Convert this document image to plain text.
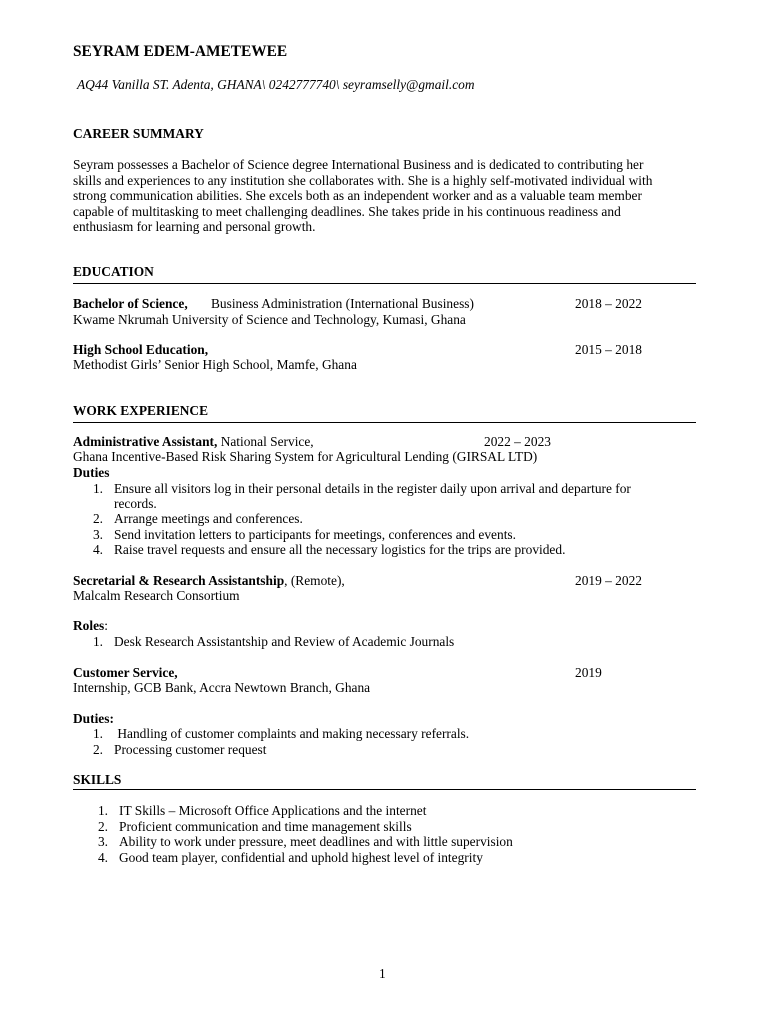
SEYRAM EDEM-AMETEWEE
AQ44 Vanilla ST. Adenta, GHANA\ 0242777740\ seyramselly@gmail.com
CAREER SUMMARY
Seyram possesses a Bachelor of Science degree International Business and is dedicated to contributing her
skills and experiences to any institution she collaborates with. She is a highly self-motivated individual with
strong communication abilities. She excels both as an independent worker and as a valuable team member
capable of multitasking to meet challenging deadlines. She takes pride in his continuous readiness and
enthusiasm for learning and personal growth.
EDUCATION
Bachelor of Science, Business Administration (International Business)	2018 – 2022
Kwame Nkrumah University of Science and Technology, Kumasi, Ghana
High School Education,	2015 – 2018
Methodist Girls’ Senior High School, Mamfe, Ghana
WORK EXPERIENCE
Administrative Assistant, National Service,	2022 – 2023
Ghana Incentive-Based Risk Sharing System for Agricultural Lending (GIRSAL LTD)
Duties
1. Ensure all visitors log in their personal details in the register daily upon arrival and departure for
records.
2. Arrange meetings and conferences.
3. Send invitation letters to participants for meetings, conferences and events.
4. Raise travel requests and ensure all the necessary logistics for the trips are provided.
Secretarial & Research Assistantship, (Remote),	2019 – 2022
Malcalm Research Consortium
Roles:
1. Desk Research Assistantship and Review of Academic Journals
Customer Service,	2019
Internship, GCB Bank, Accra Newtown Branch, Ghana
Duties:
1. Handling of customer complaints and making necessary referrals.
2. Processing customer request
SKILLS
1. IT Skills – Microsoft Office Applications and the internet
2. Proficient communication and time management skills
3. Ability to work under pressure, meet deadlines and with little supervision
4. Good team player, confidential and uphold highest level of integrity
1
